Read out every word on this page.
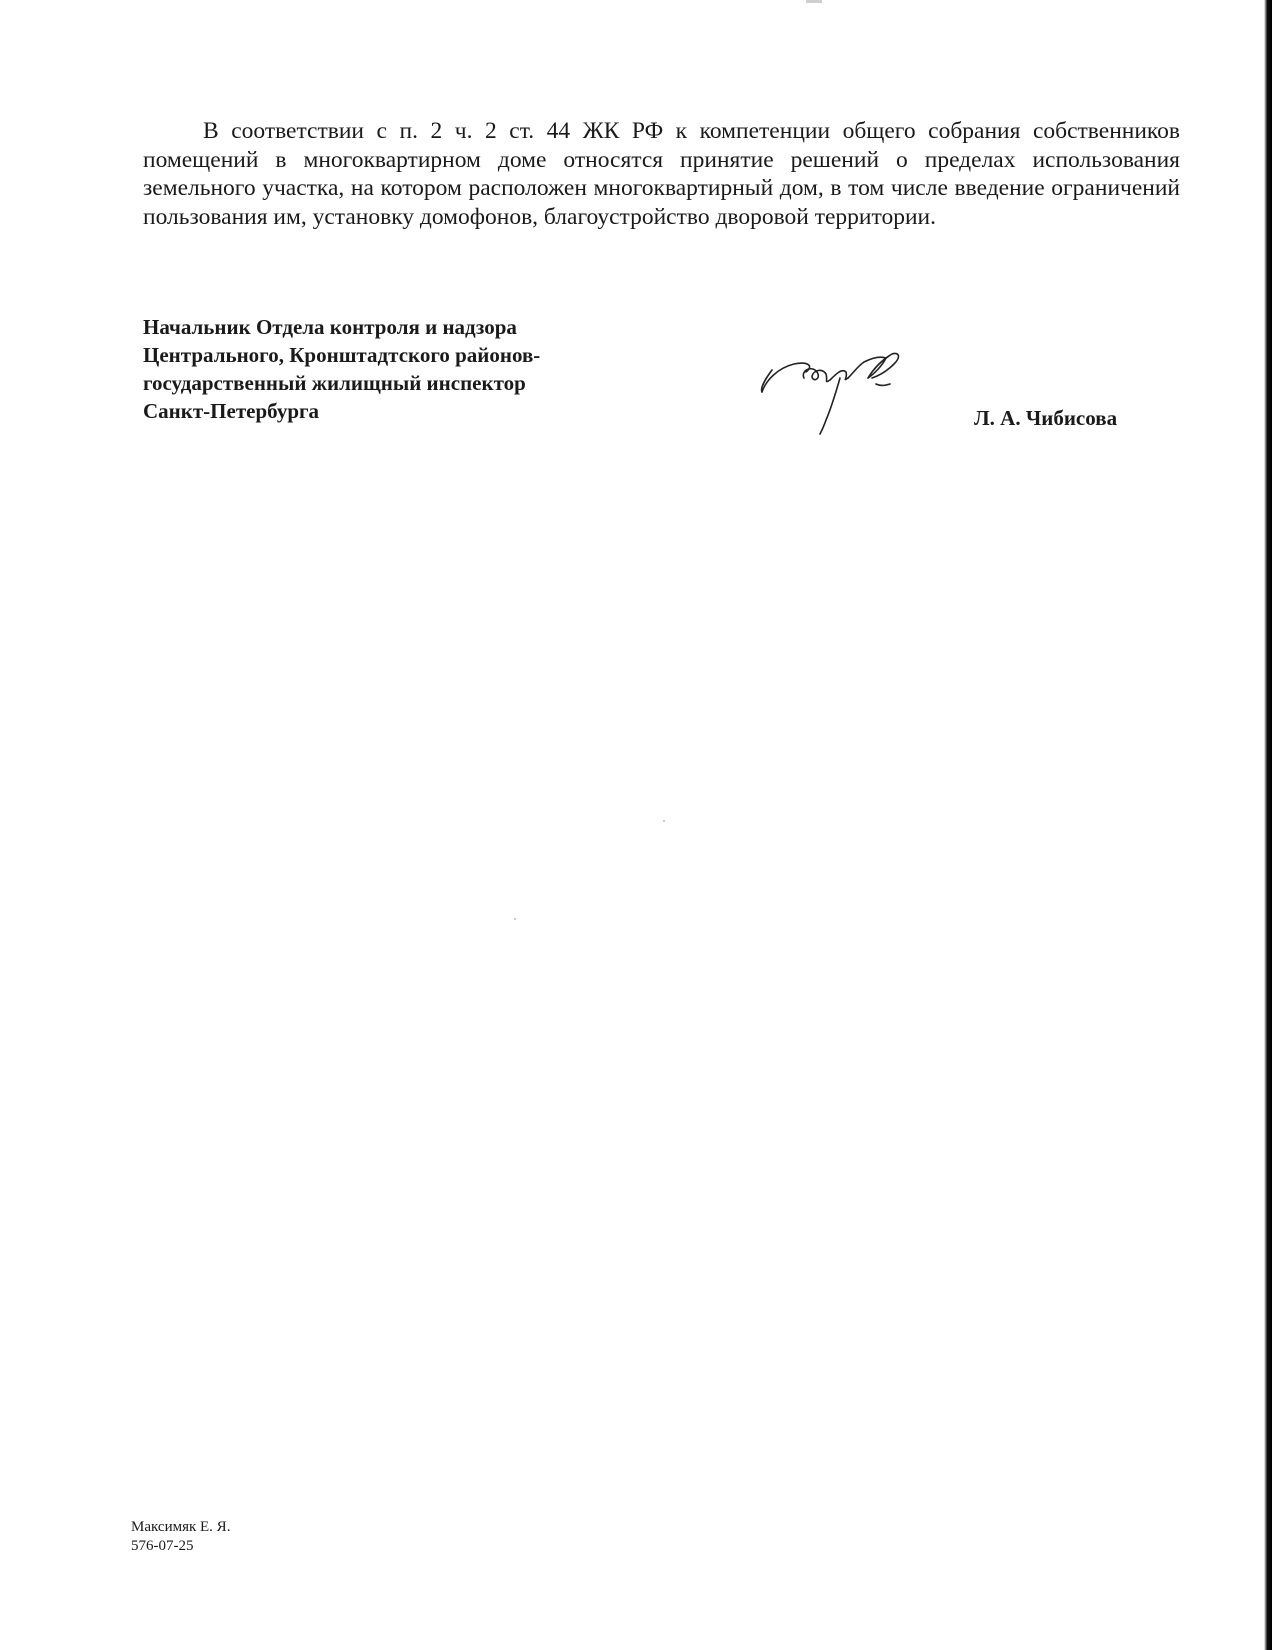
В соответствии с п. 2 ч. 2 ст. 44 ЖК РФ к компетенции общего собрания собственников помещений в многоквартирном доме относятся принятие решений о пределах использования земельного участка, на котором расположен многоквартирный дом, в том числе введение ограничений пользования им, установку домофонов, благоустройство дворовой территории.

Начальник Отдела контроля и надзора
Центрального, Кронштадтского районов-
государственный жилищный инспектор
Санкт-Петербурга	Л. А. Чибисова
Максимяк Е. Я.
576-07-25
